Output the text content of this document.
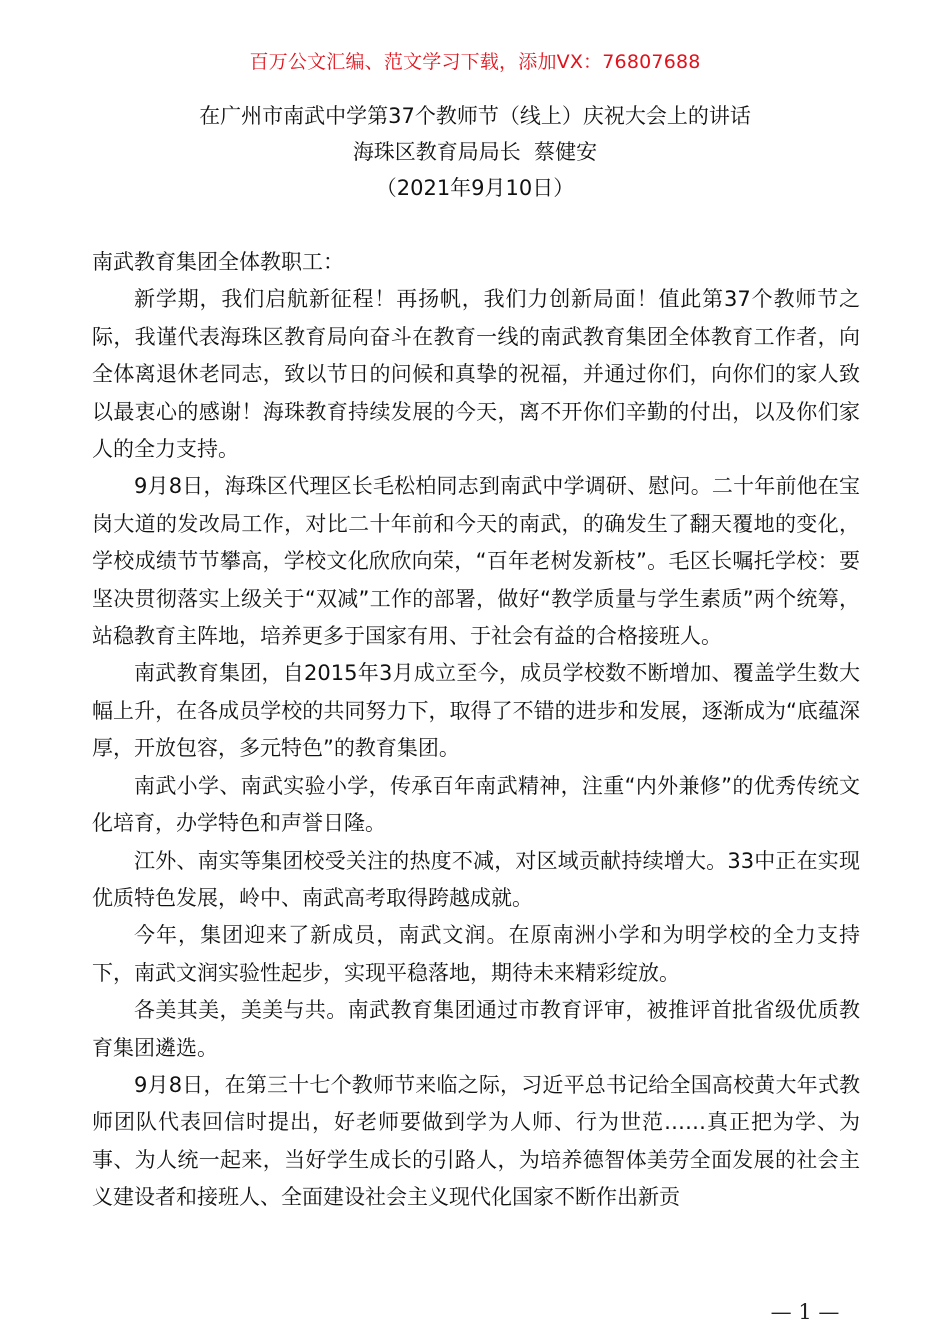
百万公文汇编、范文学习下载，添加VX：76807688
在广州市南武中学第37个教师节（线上）庆祝大会上的讲话
海珠区教育局局长  蔡健安
（2021年9月10日）

南武教育集团全体教职工：

新学期，我们启航新征程！再扬帆，我们力创新局面！值此第37个教师节之际，我谨代表海珠区教育局向奋斗在教育一线的南武教育集团全体教育工作者，向全体离退休老同志，致以节日的问候和真挚的祝福，并通过你们，向你们的家人致以最衷心的感谢！海珠教育持续发展的今天，离不开你们辛勤的付出，以及你们家人的全力支持。

9月8日，海珠区代理区长毛松柏同志到南武中学调研、慰问。二十年前他在宝岗大道的发改局工作，对比二十年前和今天的南武，的确发生了翻天覆地的变化，学校成绩节节攀高，学校文化欣欣向荣，“百年老树发新枝”。毛区长嘱托学校：要坚决贯彻落实上级关于“双减”工作的部署，做好“教学质量与学生素质”两个统筹，站稳教育主阵地，培养更多于国家有用、于社会有益的合格接班人。

南武教育集团，自2015年3月成立至今，成员学校数不断增加、覆盖学生数大幅上升，在各成员学校的共同努力下，取得了不错的进步和发展，逐渐成为“底蕴深厚，开放包容，多元特色”的教育集团。

南武小学、南武实验小学，传承百年南武精神，注重“内外兼修”的优秀传统文化培育，办学特色和声誉日隆。

江外、南实等集团校受关注的热度不减，对区域贡献持续增大。33中正在实现优质特色发展，岭中、南武高考取得跨越成就。

今年，集团迎来了新成员，南武文润。在原南洲小学和为明学校的全力支持下，南武文润实验性起步，实现平稳落地，期待未来精彩绽放。

各美其美，美美与共。南武教育集团通过市教育评审，被推评首批省级优质教育集团遴选。

9月8日，在第三十七个教师节来临之际，习近平总书记给全国高校黄大年式教师团队代表回信时提出，好老师要做到学为人师、行为世范……真正把为学、为事、为人统一起来，当好学生成长的引路人，为培养德智体美劳全面发展的社会主义建设者和接班人、全面建设社会主义现代化国家不断作出新贡

— 1 —
